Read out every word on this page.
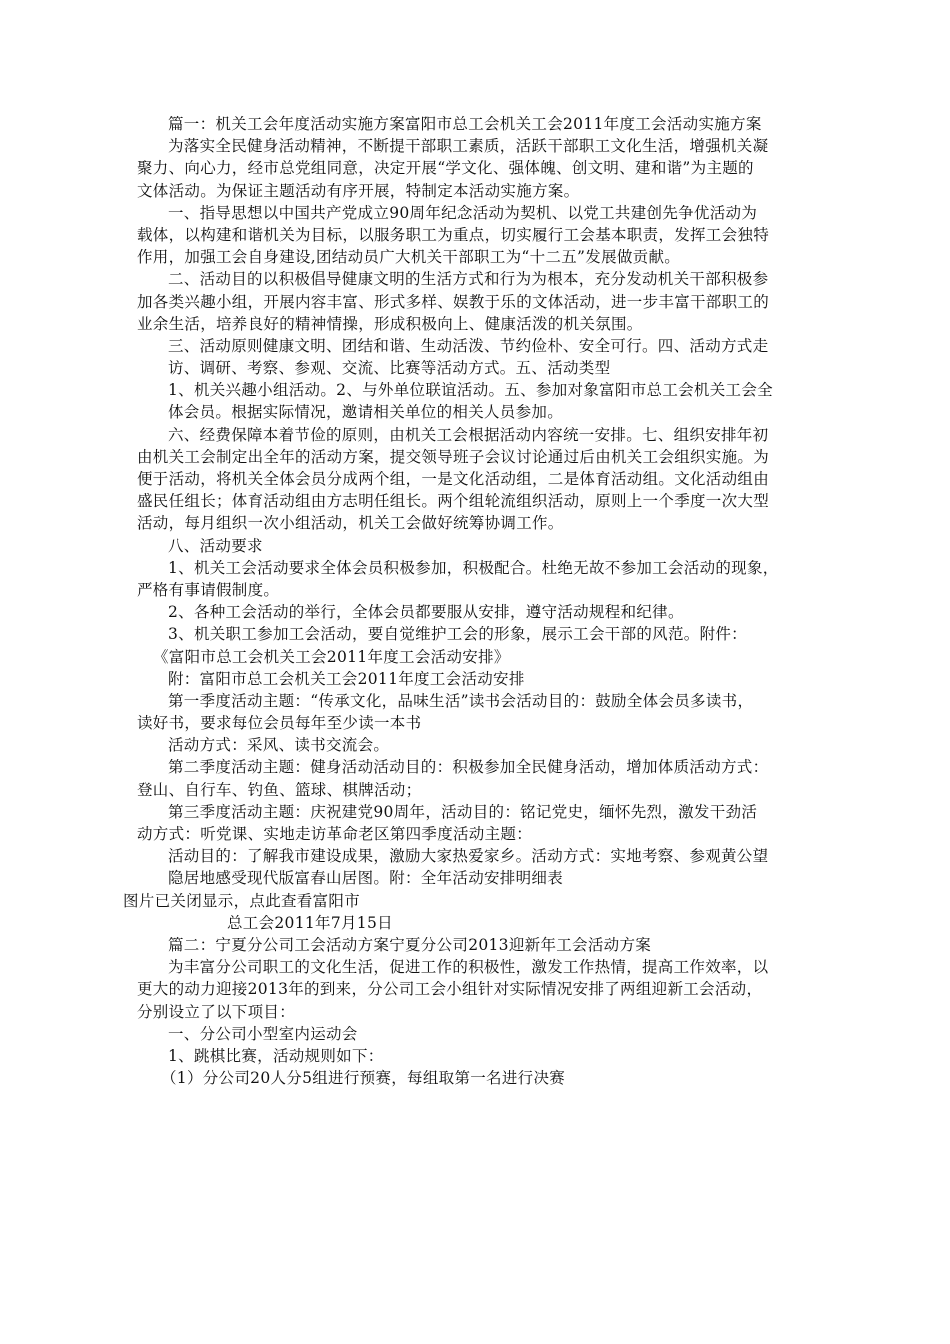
篇一：机关工会年度活动实施方案富阳市总工会机关工会2011年度工会活动实施方案
为落实全民健身活动精神，不断提干部职工素质，活跃干部职工文化生活，增强机关凝
聚力、向心力，经市总党组同意，决定开展“学文化、强体魄、创文明、建和谐”为主题的
文体活动。为保证主题活动有序开展，特制定本活动实施方案。
一、指导思想以中国共产党成立90周年纪念活动为契机、以党工共建创先争优活动为
载体，以构建和谐机关为目标，以服务职工为重点，切实履行工会基本职责，发挥工会独特
作用，加强工会自身建设,团结动员广大机关干部职工为“十二五”发展做贡献。
二、活动目的以积极倡导健康文明的生活方式和行为为根本，充分发动机关干部积极参
加各类兴趣小组，开展内容丰富、形式多样、娱教于乐的文体活动，进一步丰富干部职工的
业余生活，培养良好的精神情操，形成积极向上、健康活泼的机关氛围。
三、活动原则健康文明、团结和谐、生动活泼、节约俭朴、安全可行。四、活动方式走
访、调研、考察、参观、交流、比赛等活动方式。五、活动类型
1、机关兴趣小组活动。2、与外单位联谊活动。五、参加对象富阳市总工会机关工会全
体会员。根据实际情况，邀请相关单位的相关人员参加。
六、经费保障本着节俭的原则，由机关工会根据活动内容统一安排。七、组织安排年初
由机关工会制定出全年的活动方案，提交领导班子会议讨论通过后由机关工会组织实施。为
便于活动，将机关全体会员分成两个组，一是文化活动组，二是体育活动组。文化活动组由
盛民任组长；体育活动组由方志明任组长。两个组轮流组织活动，原则上一个季度一次大型
活动，每月组织一次小组活动，机关工会做好统筹协调工作。
八、活动要求
1、机关工会活动要求全体会员积极参加，积极配合。杜绝无故不参加工会活动的现象，
严格有事请假制度。
2、各种工会活动的举行，全体会员都要服从安排，遵守活动规程和纪律。
3、机关职工参加工会活动，要自觉维护工会的形象，展示工会干部的风范。附件：
《富阳市总工会机关工会2011年度工会活动安排》
附：富阳市总工会机关工会2011年度工会活动安排
第一季度活动主题：“传承文化，品味生活”读书会活动目的：鼓励全体会员多读书，
读好书，要求每位会员每年至少读一本书
活动方式：采风、读书交流会。
第二季度活动主题：健身活动活动目的：积极参加全民健身活动，增加体质活动方式：
登山、自行车、钓鱼、篮球、棋牌活动；
第三季度活动主题：庆祝建党90周年，活动目的：铭记党史，缅怀先烈，激发干劲活
动方式：听党课、实地走访革命老区第四季度活动主题：
活动目的：了解我市建设成果，激励大家热爱家乡。活动方式：实地考察、参观黄公望
隐居地感受现代版富春山居图。附：全年活动安排明细表
图片已关闭显示，点此查看富阳市
总工会2011年7月15日
篇二：宁夏分公司工会活动方案宁夏分公司2013迎新年工会活动方案
为丰富分公司职工的文化生活，促进工作的积极性，激发工作热情，提高工作效率，以
更大的动力迎接2013年的到来，分公司工会小组针对实际情况安排了两组迎新工会活动，
分别设立了以下项目：
一、分公司小型室内运动会
1、跳棋比赛，活动规则如下：
（1）分公司20人分5组进行预赛，每组取第一名进行决赛
